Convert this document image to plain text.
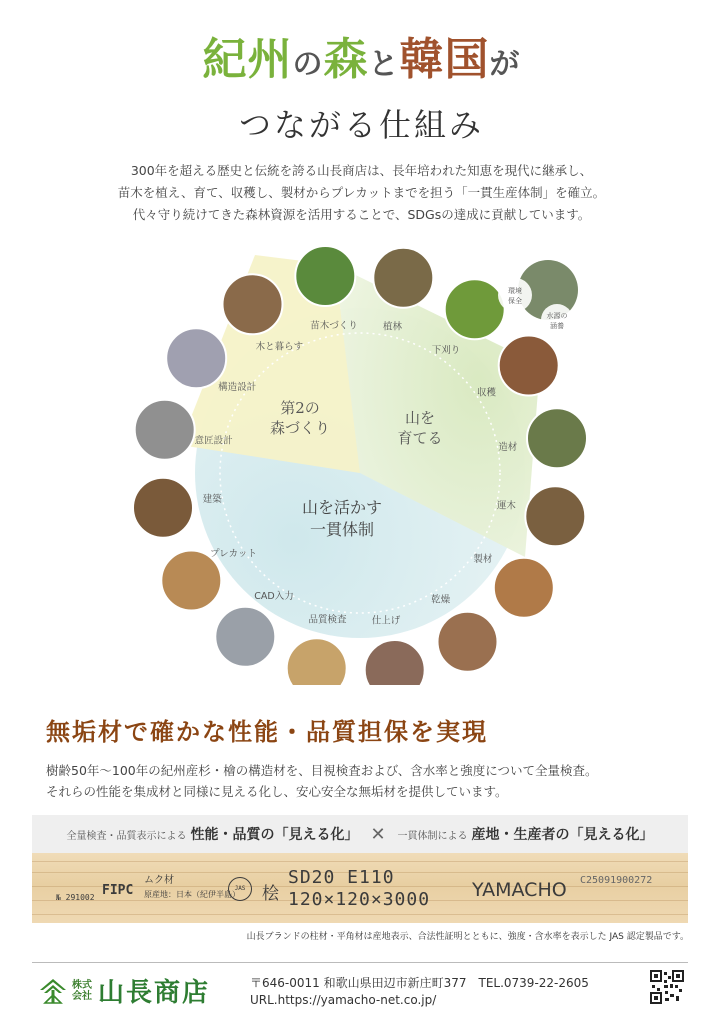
紀州の森と韓国が
つながる仕組み

300年を超える歴史と伝統を誇る山長商店は、長年培われた知恵を現代に継承し、

苗木を植え、育て、収穫し、製材からプレカットまでを担う「一貫生産体制」を確立。

代々守り続けてきた森林資源を活用することで、SDGsの達成に貢献しています。

苗木づくり	植林
下刈り
収穫
造材
運木
製材
乾燥
仕上げ
品質検査
CAD入力
プレカット
建築
意匠設計
構造設計
木と暮らす
第2の
森づくり
山を
育てる
山を活かす
一貫体制
環境
保全
水源の
涵養
無垢材で確かな性能・品質担保を実現

樹齢50年～100年の紀州産杉・檜の構造材を、目視検査および、含水率と強度について全量検査。

それらの性能を集成材と同様に見える化し、安心安全な無垢材を提供しています。

全量検査・品質表示による 性能・品質の「見える化」 ✕ 一貫体制による 産地・生産者の「見える化」
№ 291002 FIPC
ムク材
原産地：日本（紀伊半島）
JAS 桧
SD20 E110
120×120×3000 YAMACHO C25091900272
山長ブランドの柱材・平角材は産地表示、合法性証明とともに、強度・含水率を表示した JAS 認定製品です。
株式会社 山長商店	〒646-0011 和歌山県田辺市新庄町377　TEL.0739-22-2605
URL.https://yamacho-net.co.jp/
